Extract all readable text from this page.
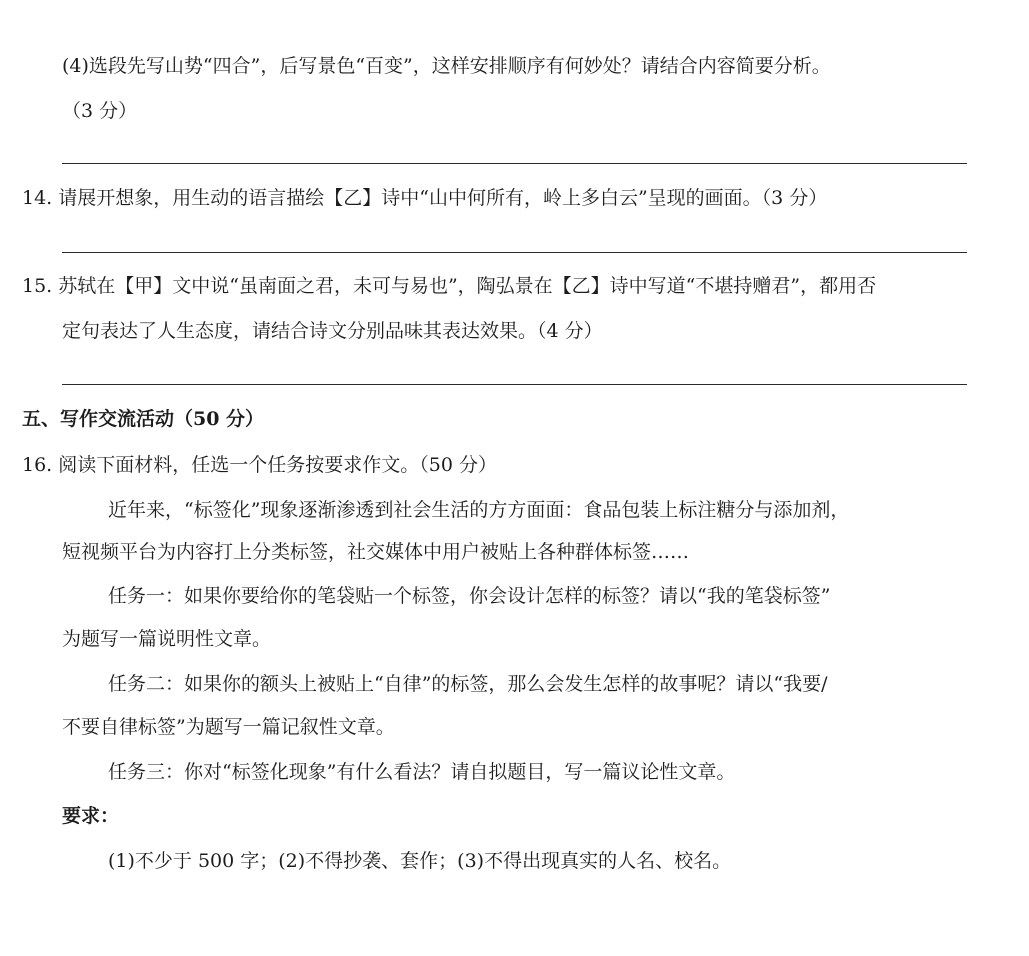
(4)选段先写山势“四合”，后写景色“百变”，这样安排顺序有何妙处？请结合内容简要分析。
（3 分）
14. 请展开想象，用生动的语言描绘【乙】诗中“山中何所有，岭上多白云”呈现的画面。（3 分）
15. 苏轼在【甲】文中说“虽南面之君，未可与易也”，陶弘景在【乙】诗中写道“不堪持赠君”，都用否
定句表达了人生态度，请结合诗文分别品味其表达效果。（4 分）
五、写作交流活动（50 分）
16. 阅读下面材料，任选一个任务按要求作文。（50 分）
近年来，“标签化”现象逐渐渗透到社会生活的方方面面：食品包装上标注糖分与添加剂，
短视频平台为内容打上分类标签，社交媒体中用户被贴上各种群体标签……
任务一：如果你要给你的笔袋贴一个标签，你会设计怎样的标签？请以“我的笔袋标签”
为题写一篇说明性文章。
任务二：如果你的额头上被贴上“自律”的标签，那么会发生怎样的故事呢？请以“我要/
不要自律标签”为题写一篇记叙性文章。
任务三：你对“标签化现象”有什么看法？请自拟题目，写一篇议论性文章。
要求：
(1)不少于 500 字；(2)不得抄袭、套作；(3)不得出现真实的人名、校名。
